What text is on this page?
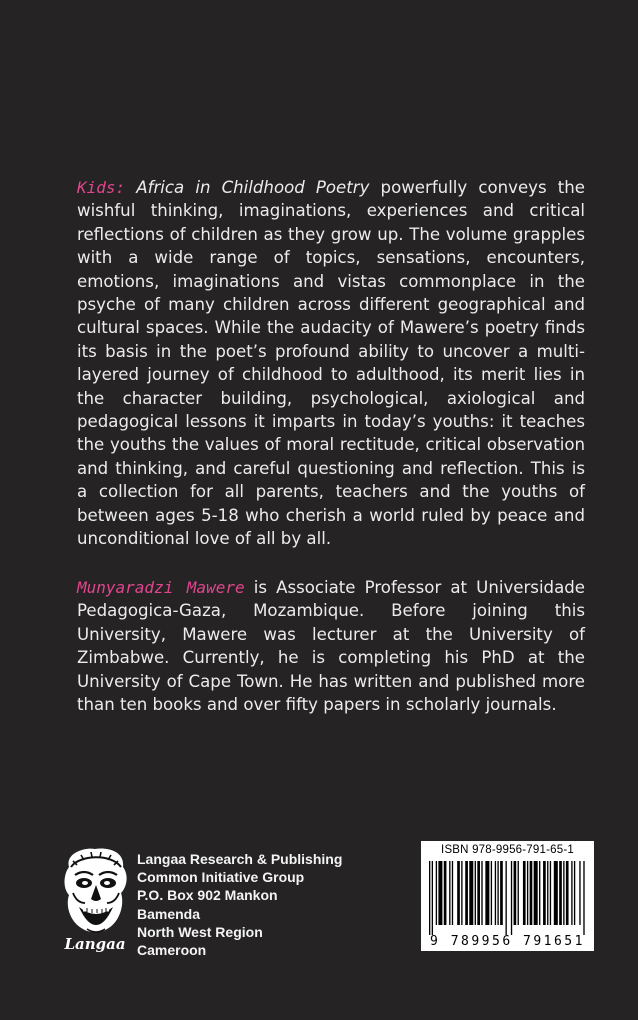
Kids: Africa in Childhood Poetry powerfully conveys the wishful thinking, imaginations, experiences and critical reflections of children as they grow up. The volume grapples with a wide range of topics, sensations, encounters, emotions, imaginations and vistas commonplace in the psyche of many children across different geographical and cultural spaces. While the audacity of Mawere’s poetry finds its basis in the poet’s profound ability to uncover a multi-layered journey of childhood to adulthood, its merit lies in the character building, psychological, axiological and pedagogical lessons it imparts in today’s youths: it teaches the youths the values of moral rectitude, critical observation and thinking, and careful questioning and reflection. This is a collection for all parents, teachers and the youths of between ages 5-18 who cherish a world ruled by peace and unconditional love of all by all.

Munyaradzi Mawere is Associate Professor at Universidade Pedagogica-Gaza, Mozambique. Before joining this University, Mawere was lecturer at the University of Zimbabwe. Currently, he is completing his PhD at the University of Cape Town. He has written and published more than ten books and over fifty papers in scholarly journals.

Langaa
Langaa Research & Publishing
Common Initiative Group
P.O. Box 902 Mankon
Bamenda
North West Region
Cameroon
ISBN 978-9956-791-65-1
9 789956 791651
